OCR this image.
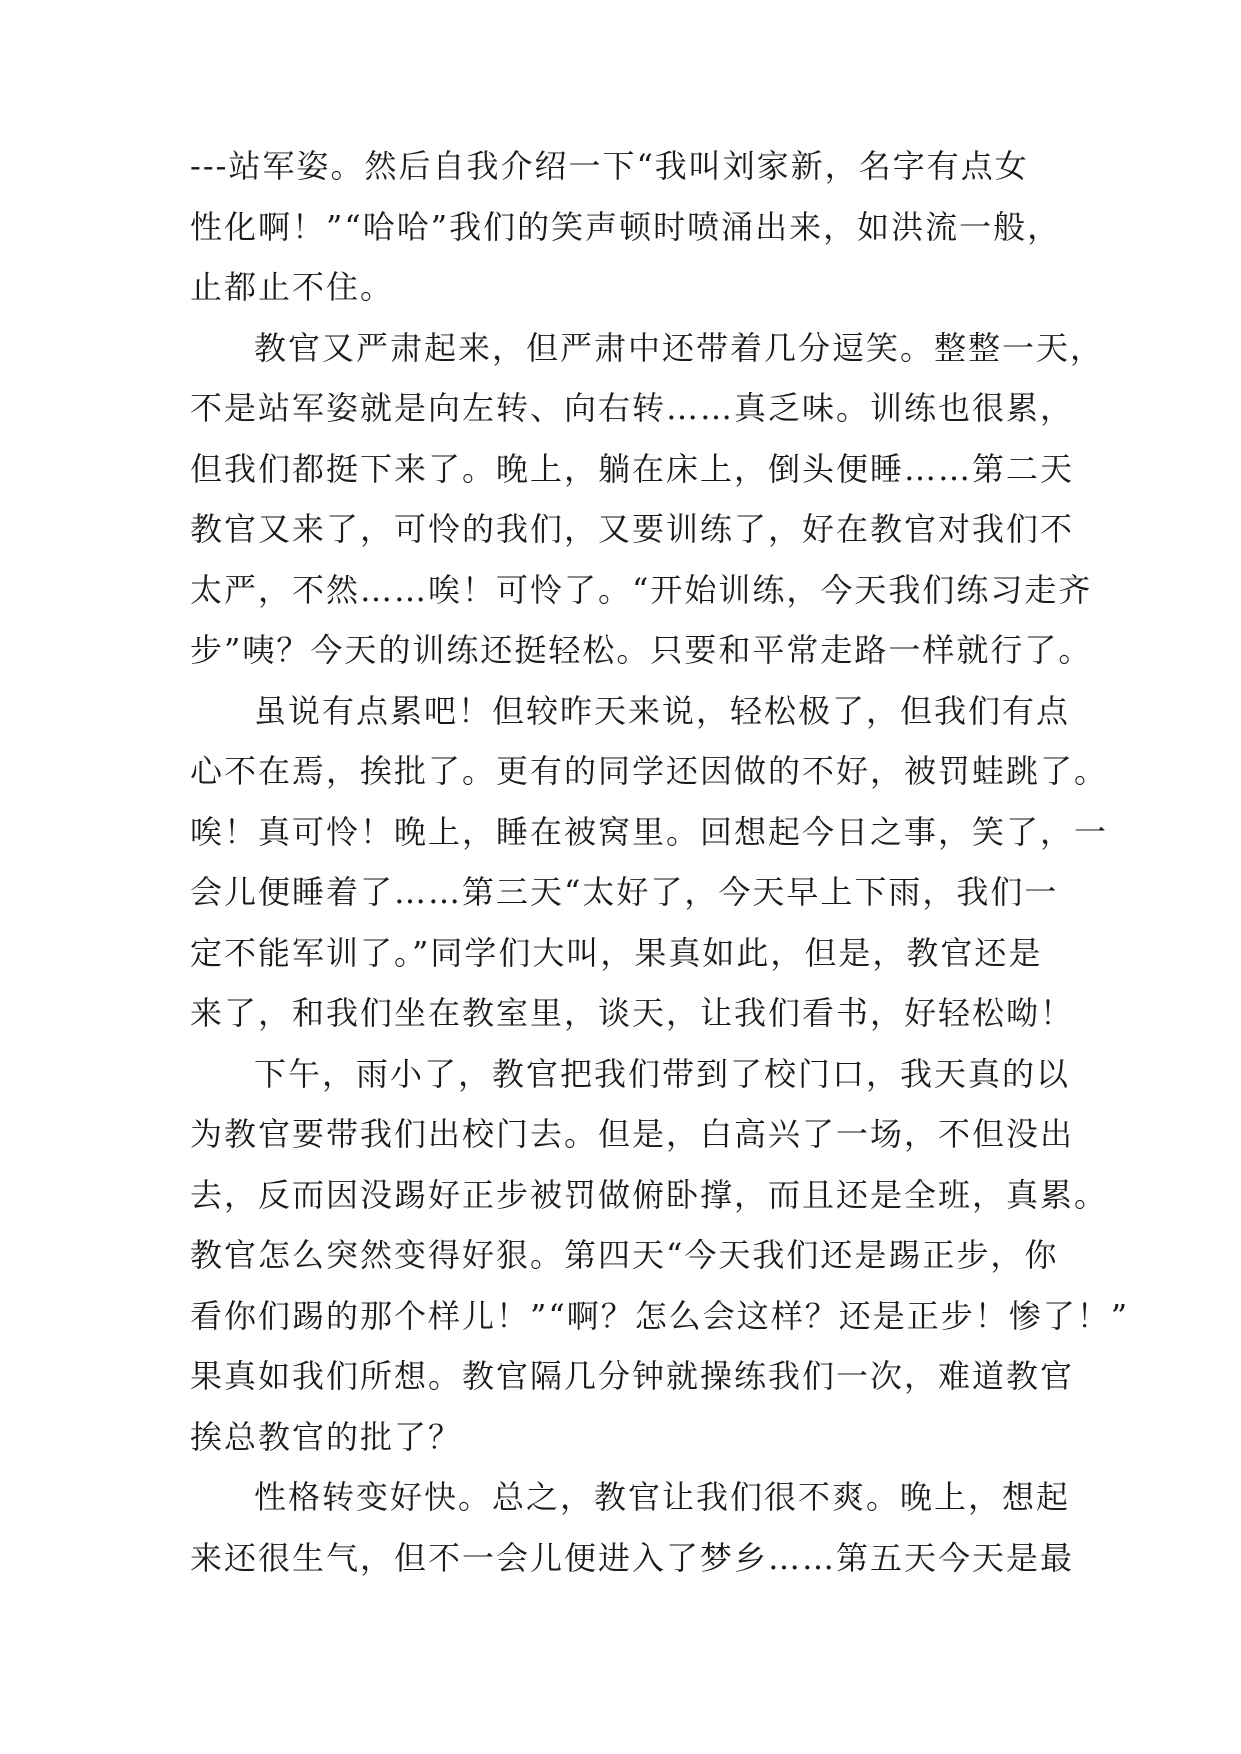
---站军姿。然后自我介绍一下“我叫刘家新，名字有点女
性化啊！”“哈哈”我们的笑声顿时喷涌出来，如洪流一般，
止都止不住。

教官又严肃起来，但严肃中还带着几分逗笑。整整一天，
不是站军姿就是向左转、向右转……真乏味。训练也很累，
但我们都挺下来了。晚上，躺在床上，倒头便睡……第二天
教官又来了，可怜的我们，又要训练了，好在教官对我们不
太严，不然……唉！可怜了。“开始训练，今天我们练习走齐
步”咦？今天的训练还挺轻松。只要和平常走路一样就行了。

虽说有点累吧！但较昨天来说，轻松极了，但我们有点
心不在焉，挨批了。更有的同学还因做的不好，被罚蛙跳了。
唉！真可怜！晚上，睡在被窝里。回想起今日之事，笑了，一
会儿便睡着了……第三天“太好了，今天早上下雨，我们一
定不能军训了。”同学们大叫，果真如此，但是，教官还是
来了，和我们坐在教室里，谈天，让我们看书，好轻松呦！

下午，雨小了，教官把我们带到了校门口，我天真的以
为教官要带我们出校门去。但是，白高兴了一场，不但没出
去，反而因没踢好正步被罚做俯卧撑，而且还是全班，真累。
教官怎么突然变得好狠。第四天“今天我们还是踢正步，你
看你们踢的那个样儿！”“啊？怎么会这样？还是正步！惨了！”
果真如我们所想。教官隔几分钟就操练我们一次，难道教官
挨总教官的批了？

性格转变好快。总之，教官让我们很不爽。晚上，想起
来还很生气，但不一会儿便进入了梦乡……第五天今天是最
